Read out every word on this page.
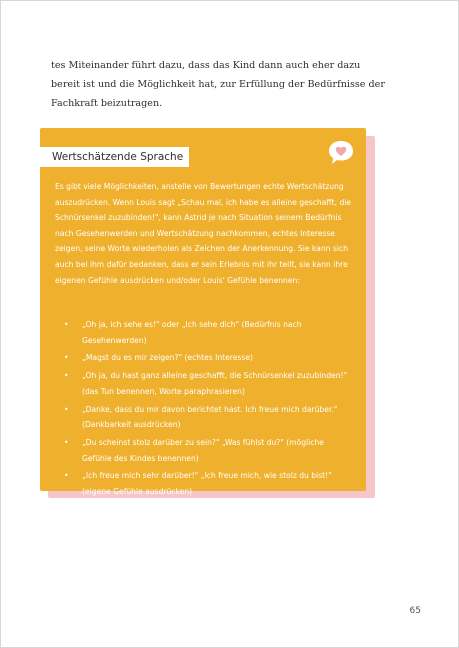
tes Miteinander führt dazu, dass das Kind dann auch eher dazu bereit ist und die Möglichkeit hat, zur Erfüllung der Bedürfnisse der Fachkraft beizutragen.

Wertschätzende Sprache

Es gibt viele Möglichkeiten, anstelle von Bewertungen echte Wertschätzung auszudrücken. Wenn Louis sagt „Schau mal, ich habe es alleine geschafft, die Schnürsenkel zuzubinden!", kann Astrid je nach Situation seinem Bedürfnis nach Gesehenwerden und Wertschätzung nachkommen, echtes Interesse zeigen, seine Worte wiederholen als Zeichen der Anerkennung. Sie kann sich auch bei ihm dafür bedanken, dass er sein Erlebnis mit ihr teilt, sie kann ihre eigenen Gefühle ausdrücken und/oder Louis' Gefühle benennen:

• „Oh ja, ich sehe es!" oder „Ich sehe dich" (Bedürfnis nach Gesehenwerden)
• „Magst du es mir zeigen?" (echtes Interesse)
• „Oh ja, du hast ganz alleine geschafft, die Schnürsenkel zuzubinden!" (das Tun benennen, Worte paraphrasieren)
• „Danke, dass du mir davon berichtet hast. Ich freue mich darüber." (Dankbarkeit ausdrücken)
• „Du scheinst stolz darüber zu sein?" „Was fühlst du?" (mögliche Gefühle des Kindes benennen)
• „Ich freue mich sehr darüber!" „Ich freue mich, wie stolz du bist!" (eigene Gefühle ausdrücken)
65
